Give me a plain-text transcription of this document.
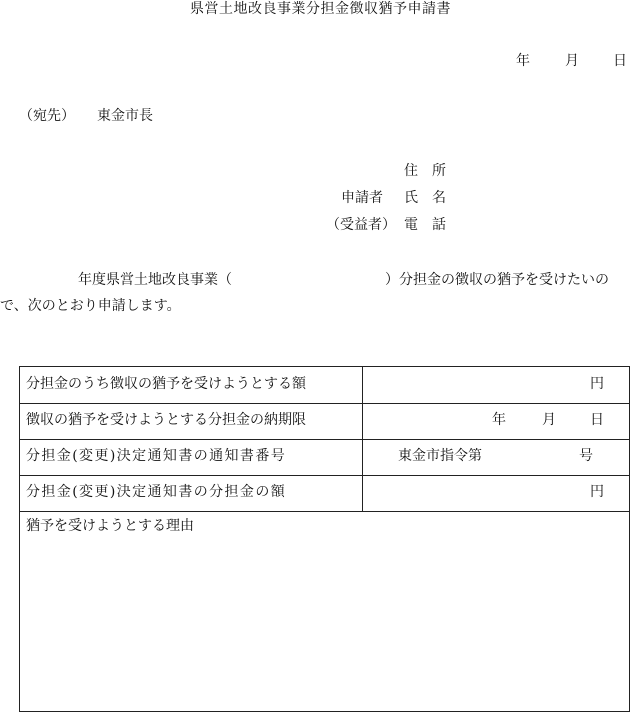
県営土地改良事業分担金徴収猶予申請書
年	月 日
（宛先） 東金市長
住　所
申請者 氏　名
（受益者） 電　話
年度県営土地改良事業（	）分担金の徴収の猶予を受けたいの
で、次のとおり申請します。
分担金のうち徴収の猶予を受けようとする額	円
徴収の猶予を受けようとする分担金の納期限	年	月 日
分担金(変更)決定通知書の通知書番号	東金市指令第	号
分担金(変更)決定通知書の分担金の額	円
猶予を受けようとする理由
